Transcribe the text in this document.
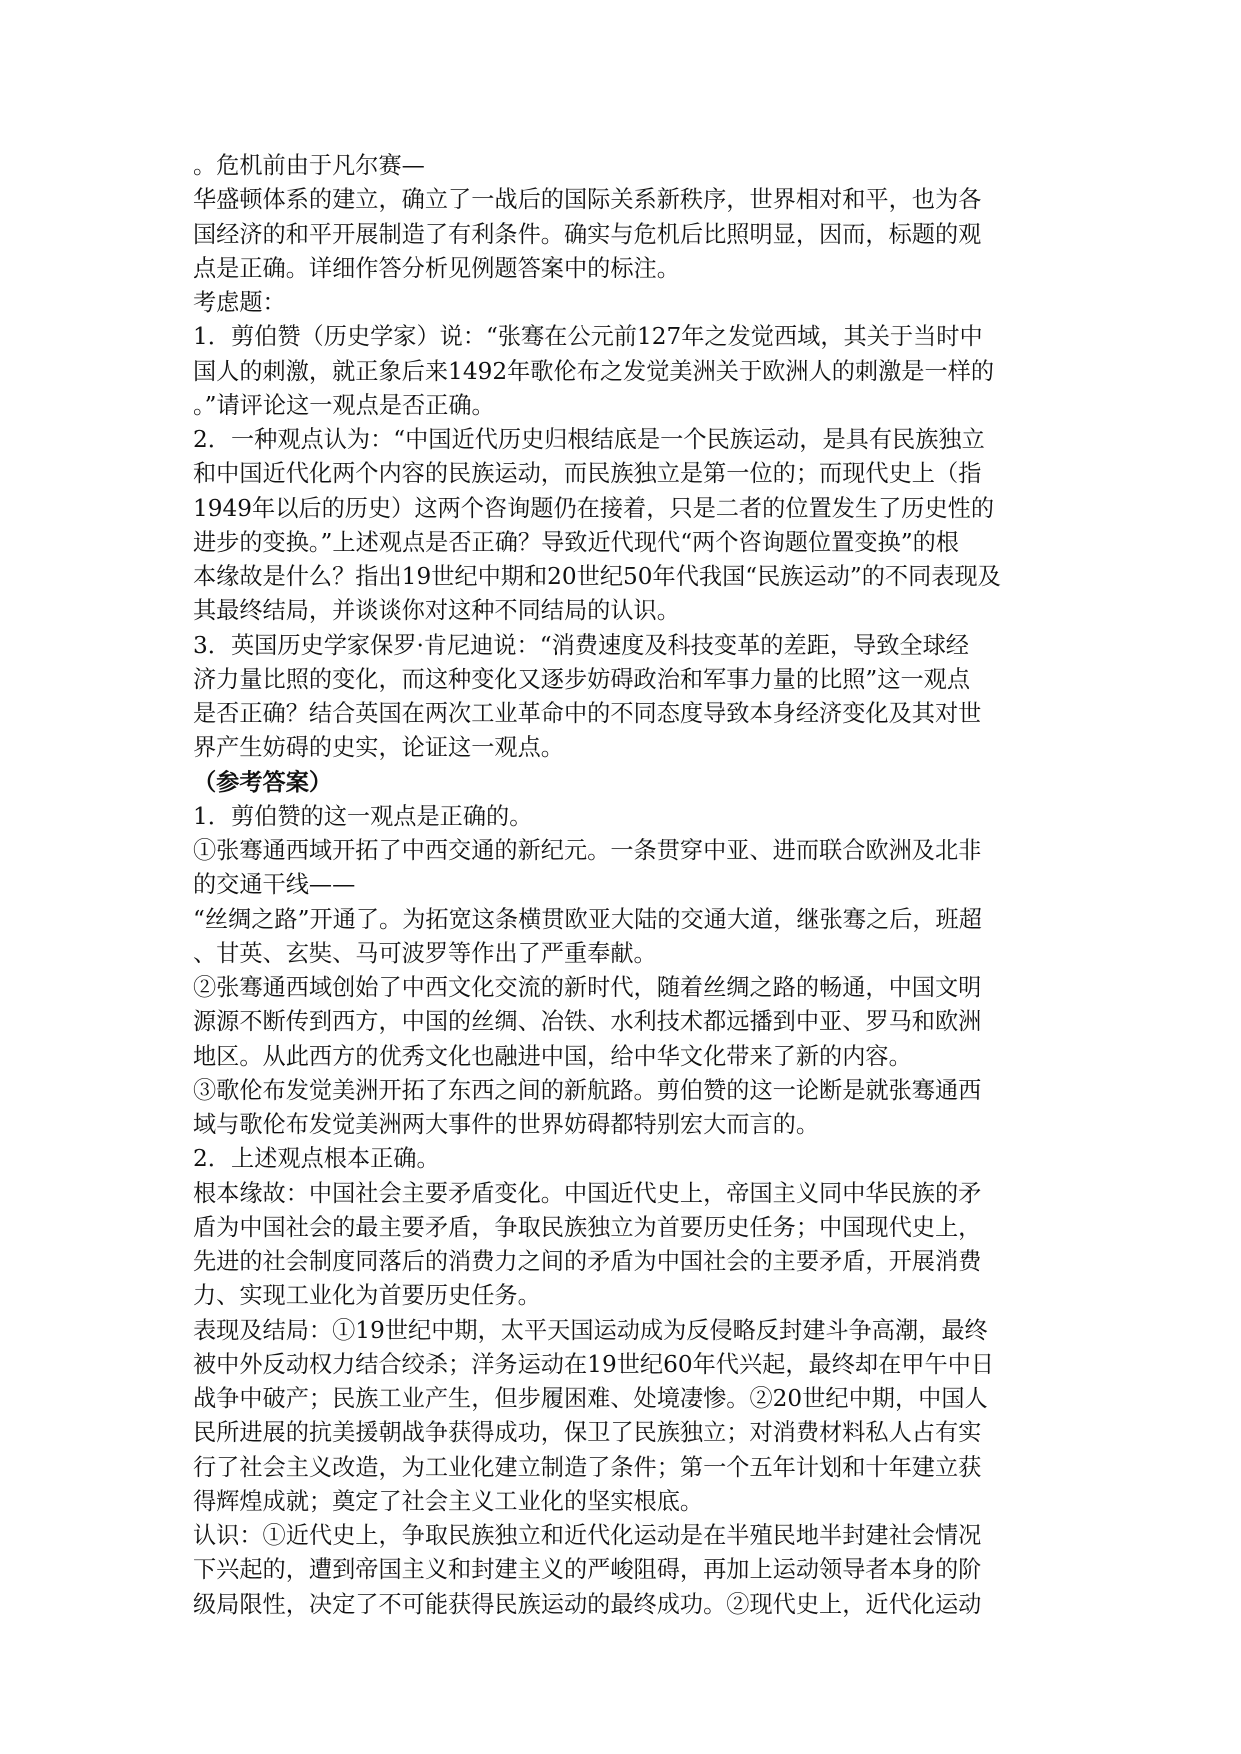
。危机前由于凡尔赛—
华盛顿体系的建立，确立了一战后的国际关系新秩序，世界相对和平，也为各
国经济的和平开展制造了有利条件。确实与危机后比照明显，因而，标题的观
点是正确。详细作答分析见例题答案中的标注。
考虑题：
1．剪伯赞（历史学家）说：“张骞在公元前127年之发觉西域，其关于当时中
国人的刺激，就正象后来1492年歌伦布之发觉美洲关于欧洲人的刺激是一样的
。”请评论这一观点是否正确。
2．一种观点认为：“中国近代历史归根结底是一个民族运动，是具有民族独立
和中国近代化两个内容的民族运动，而民族独立是第一位的；而现代史上（指
1949年以后的历史）这两个咨询题仍在接着，只是二者的位置发生了历史性的
进步的变换。”上述观点是否正确？导致近代现代“两个咨询题位置变换”的根
本缘故是什么？指出19世纪中期和20世纪50年代我国“民族运动”的不同表现及
其最终结局，并谈谈你对这种不同结局的认识。
3．英国历史学家保罗·肯尼迪说：“消费速度及科技变革的差距，导致全球经
济力量比照的变化，而这种变化又逐步妨碍政治和军事力量的比照”这一观点
是否正确？结合英国在两次工业革命中的不同态度导致本身经济变化及其对世
界产生妨碍的史实，论证这一观点。
（参考答案）
1．剪伯赞的这一观点是正确的。
①张骞通西域开拓了中西交通的新纪元。一条贯穿中亚、进而联合欧洲及北非
的交通干线——
“丝绸之路”开通了。为拓宽这条横贯欧亚大陆的交通大道，继张骞之后，班超
、甘英、玄奘、马可波罗等作出了严重奉献。
②张骞通西域创始了中西文化交流的新时代，随着丝绸之路的畅通，中国文明
源源不断传到西方，中国的丝绸、冶铁、水利技术都远播到中亚、罗马和欧洲
地区。从此西方的优秀文化也融进中国，给中华文化带来了新的内容。
③歌伦布发觉美洲开拓了东西之间的新航路。剪伯赞的这一论断是就张骞通西
域与歌伦布发觉美洲两大事件的世界妨碍都特别宏大而言的。
2．上述观点根本正确。
根本缘故：中国社会主要矛盾变化。中国近代史上，帝国主义同中华民族的矛
盾为中国社会的最主要矛盾，争取民族独立为首要历史任务；中国现代史上，
先进的社会制度同落后的消费力之间的矛盾为中国社会的主要矛盾，开展消费
力、实现工业化为首要历史任务。
表现及结局：①19世纪中期，太平天国运动成为反侵略反封建斗争高潮，最终
被中外反动权力结合绞杀；洋务运动在19世纪60年代兴起，最终却在甲午中日
战争中破产；民族工业产生，但步履困难、处境凄惨。②20世纪中期，中国人
民所进展的抗美援朝战争获得成功，保卫了民族独立；对消费材料私人占有实
行了社会主义改造，为工业化建立制造了条件；第一个五年计划和十年建立获
得辉煌成就；奠定了社会主义工业化的坚实根底。
认识：①近代史上，争取民族独立和近代化运动是在半殖民地半封建社会情况
下兴起的，遭到帝国主义和封建主义的严峻阻碍，再加上运动领导者本身的阶
级局限性，决定了不可能获得民族运动的最终成功。②现代史上，近代化运动
